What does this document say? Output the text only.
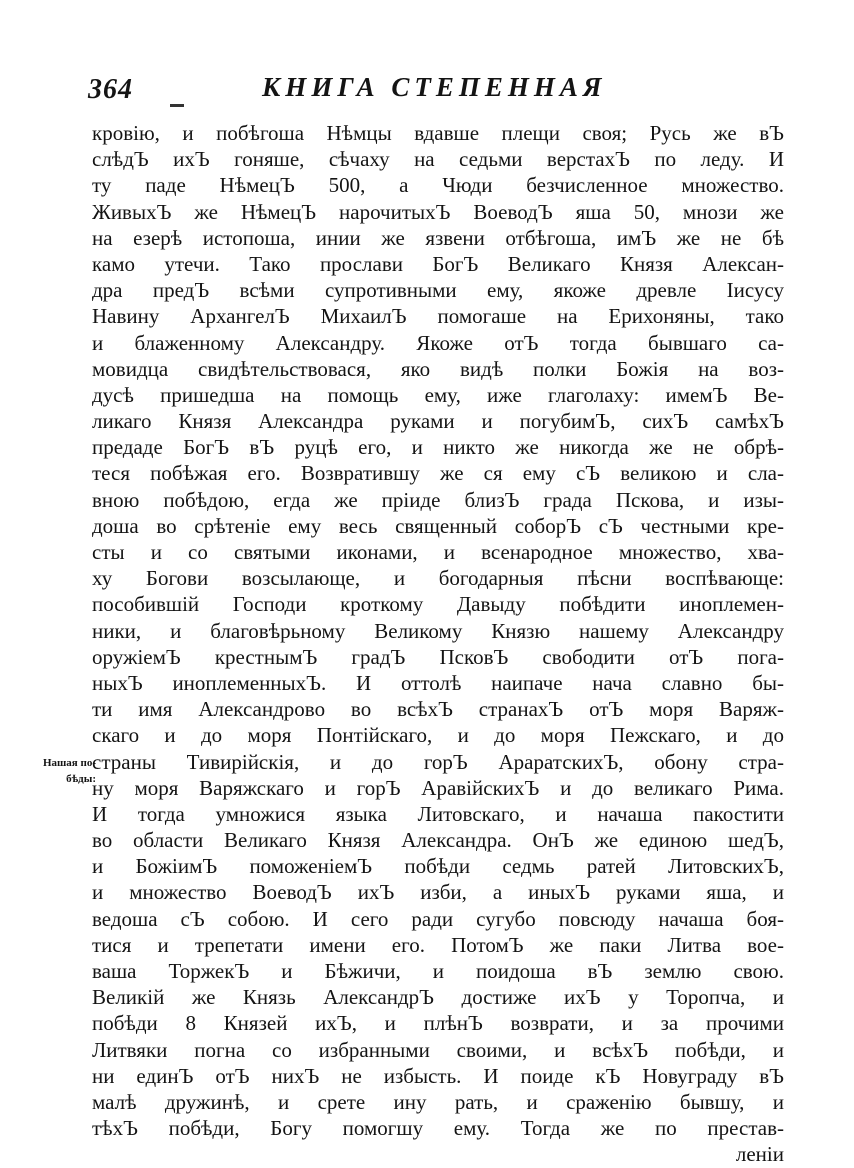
364	КНИГА СТЕПЕННАЯ
Нашая по-
бѣды:
кровію, и побѣгоша Нѣмцы вдавше плещи своя; Русь же вЪ
слѣдЪ ихЪ гоняше, сѣчаху на седьми верстахЪ по леду. И
ту паде НѣмецЪ 500, а Чюди безчисленное множество.
ЖивыхЪ же НѣмецЪ нарочитыхЪ ВоеводЪ яша 50, мнози же
на езерѣ истопоша, инии же язвени отбѣгоша, имЪ же не бѣ
камо утечи. Тако прослави БогЪ Великаго Князя Алексан-
дра предЪ всѣми супротивными ему, якоже древле Іисусу
Навину АрхангелЪ МихаилЪ помогаше на Ерихоняны, тако
и блаженному Александру. Якоже отЪ тогда бывшаго са-
мовидца свидѣтельствовася, яко видѣ полки Божія на воз-
дусѣ пришедша на помощь ему, иже глаголаху: имемЪ Ве-
ликаго Князя Александра руками и погубимЪ, сихЪ самѣхЪ
предаде БогЪ вЪ руцѣ его, и никто же никогда же не обрѣ-
теся побѣжая его. Возвратившу же ся ему сЪ великою и сла-
вною побѣдою, егда же пріиде близЪ града Пскова, и изы-
доша во срѣтеніе ему весь священный соборЪ сЪ честными кре-
сты и со святыми иконами, и всенародное множество, хва-
ху Богови возсылающе, и богодарныя пѣсни воспѣвающе:
пособившій Господи кроткому Давыду побѣдити иноплемен-
ники, и благовѣрьному Великому Князю нашему Александру
оружіемЪ крестнымЪ градЪ ПсковЪ свободити отЪ пога-
ныхЪ иноплеменныхЪ. И оттолѣ наипаче нача славно бы-
ти имя Александрово во всѣхЪ странахЪ отЪ моря Варяж-
скаго и до моря Понтійскаго, и до моря Пежскаго, и до
страны Тивирійскія, и до горЪ АраратскихЪ, обону стра-
ну моря Варяжскаго и горЪ АравійскихЪ и до великаго Рима.
И тогда умножися языка Литовскаго, и начаша пакостити
во области Великаго Князя Александра. ОнЪ же единою шедЪ,
и БожіимЪ поможеніемЪ побѣди седмь ратей ЛитовскихЪ,
и множество ВоеводЪ ихЪ изби, а иныхЪ руками яша, и
ведоша сЪ собою. И сего ради сугубо повсюду начаша боя-
тися и трепетати имени его. ПотомЪ же паки Литва вое-
ваша ТоржекЪ и Бѣжичи, и поидоша вЪ землю свою.
Великій же Князь АлександрЪ достиже ихЪ у Торопча, и
побѣди 8 Князей ихЪ, и плѣнЪ возврати, и за прочими
Литвяки погна со избранными своими, и всѣхЪ побѣди, и
ни единЪ отЪ нихЪ не избысть. И поиде кЪ Новуграду вЪ
малѣ дружинѣ, и срете ину рать, и сраженію бывшу, и
тѣхЪ побѣди, Богу помогшу ему. Тогда же по престав-
леніи
